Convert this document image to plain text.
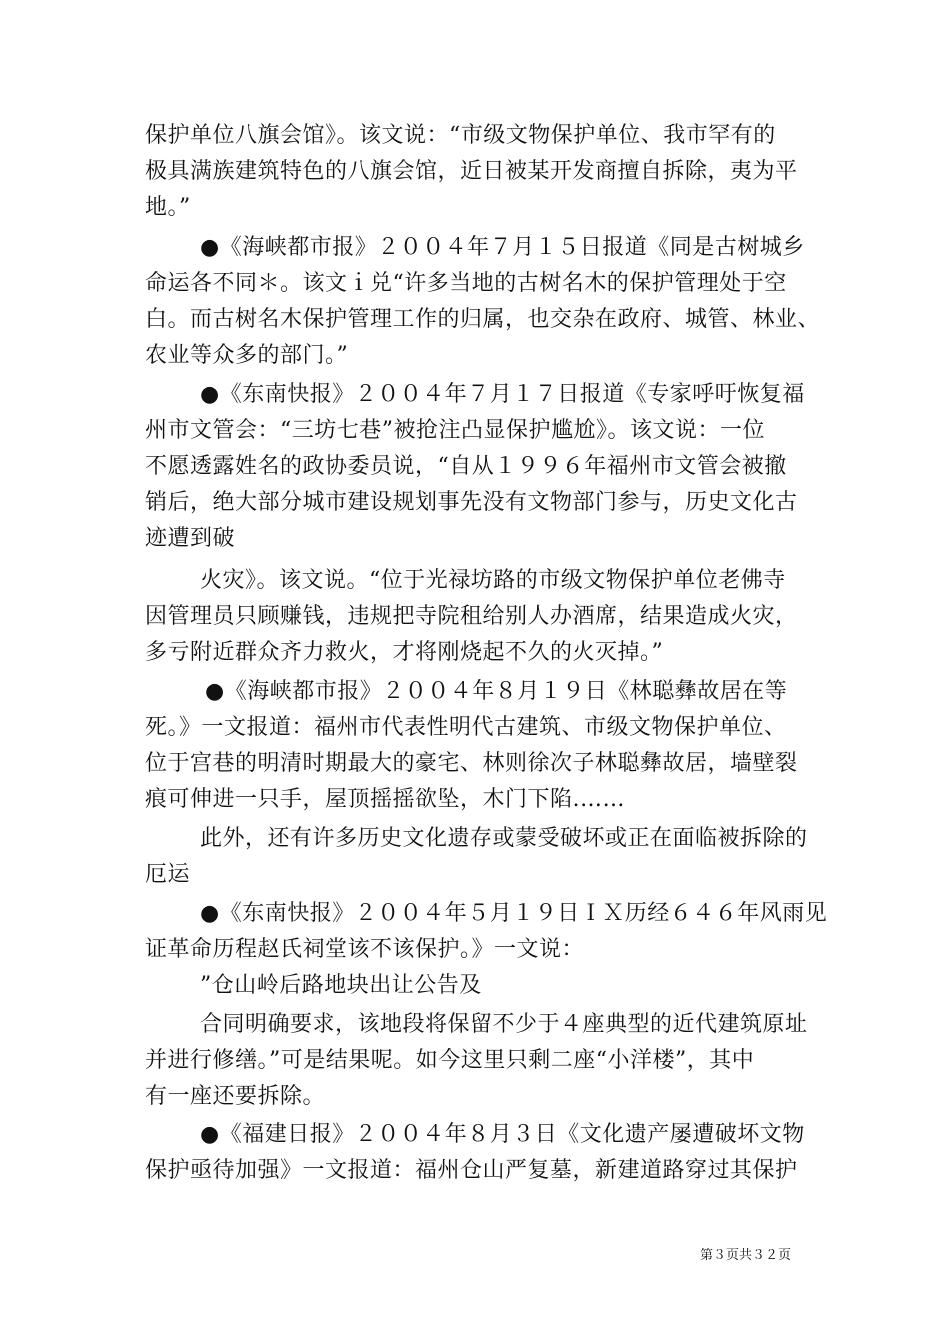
保护单位八旗会馆》。该文说：“市级文物保护单位、我市罕有的
极具满族建筑特色的八旗会馆，近日被某开发商擅自拆除，夷为平
地。”
●《海峡都市报》２００４年７月１５日报道《同是古树城乡
命运各不同＊。该文ｉ兑“许多当地的古树名木的保护管理处于空
白。而古树名木保护管理工作的归属，也交杂在政府、城管、林业、
农业等众多的部门。”
●《东南快报》２００４年７月１７日报道《专家呼吁恢复福
州市文管会：“三坊七巷”被抢注凸显保护尴尬》。该文说：一位
不愿透露姓名的政协委员说，“自从１９９６年福州市文管会被撤
销后，绝大部分城市建设规划事先没有文物部门参与，历史文化古
迹遭到破
火灾》。该文说。“位于光禄坊路的市级文物保护单位老佛寺
因管理员只顾赚钱，违规把寺院租给别人办酒席，结果造成火灾，
多亏附近群众齐力救火，才将刚烧起不久的火灭掉。”
●《海峡都市报》２００４年８月１９日《林聪彝故居在等
死。》一文报道：福州市代表性明代古建筑、市级文物保护单位、
位于宫巷的明清时期最大的豪宅、林则徐次子林聪彝故居，墙壁裂
痕可伸进一只手，屋顶摇摇欲坠，木门下陷.……
此外，还有许多历史文化遗存或蒙受破坏或正在面临被拆除的
厄运
●《东南快报》２００４年５月１９日ＩＸ历经６４６年风雨见
证革命历程赵氏祠堂该不该保护。》一文说：
”仓山岭后路地块出让公告及
合同明确要求，该地段将保留不少于４座典型的近代建筑原址
并进行修缮。”可是结果呢。如今这里只剩二座“小洋楼”，其中
有一座还要拆除。
●《福建日报》２００４年８月３日《文化遗产屡遭破坏文物
保护亟待加强》一文报道：福州仓山严复墓，新建道路穿过其保护
第３页共３２页
